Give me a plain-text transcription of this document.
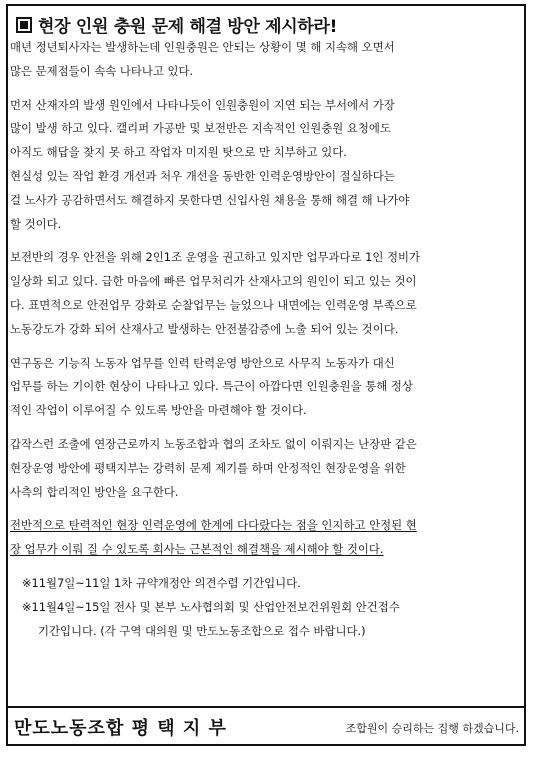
현장 인원 충원 문제 해결 방안 제시하라!

매년 정년퇴사자는 발생하는데 인원충원은 안되는 상황이 몇 해 지속해 오면서
많은 문제점들이 속속 나타나고 있다.

먼저 산재자의 발생 원인에서 나타나듯이 인원충원이 지연 되는 부서에서 가장
많이 발생 하고 있다. 캘리퍼 가공반 및 보전반은 지속적인 인원충원 요청에도
아직도 해답을 찾지 못 하고 작업자 미지원 탓으로 만 치부하고 있다.
현실성 있는 작업 환경 개선과 처우 개선을 동반한 인력운영방안이 절실하다는
걸 노사가 공감하면서도 해결하지 못한다면 신입사원 채용을 통해 해결 해 나가야
할 것이다.

보전반의 경우 안전을 위해 2인1조 운영을 권고하고 있지만 업무과다로 1인 정비가
일상화 되고 있다. 급한 마음에 빠른 업무처리가 산재사고의 원인이 되고 있는 것이
다. 표면적으로 안전업무 강화로 순찰업무는 늘었으나 내면에는 인력운영 부족으로
노동강도가 강화 되어 산재사고 발생하는 안전불감증에 노출 되어 있는 것이다.

연구동은 기능직 노동자 업무를 인력 탄력운영 방안으로 사무직 노동자가 대신
업무를 하는 기이한 현상이 나타나고 있다. 특근이 아깝다면 인원충원을 통해 정상
적인 작업이 이루어질 수 있도록 방안을 마련해야 할 것이다.

갑작스런 조출에 연장근로까지 노동조합과 협의 조차도 없이 이뤄지는 난장판 같은
현장운영 방안에 평택지부는 강력히 문제 제기를 하며 안정적인 현장운영을 위한
사측의 합리적인 방안을 요구한다.

전반적으로 탄력적인 현장 인력운영에 한계에 다다랐다는 점을 인지하고 안정된 현
장 업무가 이뤄 질 수 있도록 회사는 근본적인 해결책을 제시해야 할 것이다.

※11월7일~11일 1차 규약개정안 의견수렴 기간입니다.
※11월4일~15일 전사 및 본부 노사협의회 및 산업안전보건위원회 안건접수
기간입니다. (각 구역 대의원 및 만도노동조합으로 접수 바랍니다.)
만도노동조합 평 택 지 부	조합원이 승리하는 집행 하겠습니다.
